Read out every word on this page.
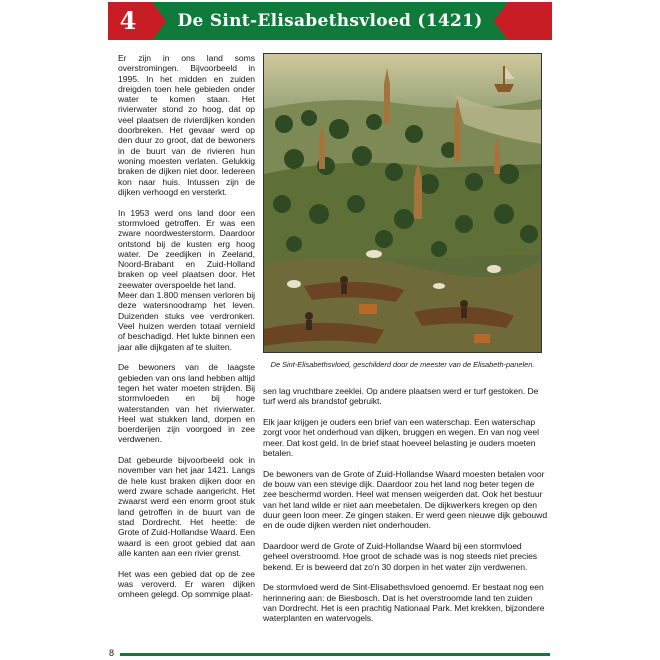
4	De Sint-Elisabethsvloed (1421)

Er zijn in ons land soms overstromingen. Bijvoorbeeld in 1995. In het midden en zuiden dreigden toen hele gebieden onder water te komen staan. Het rivierwater stond zo hoog, dat op veel plaatsen de rivierdijken konden doorbreken. Het gevaar werd op den duur zo groot, dat de bewoners in de buurt van de rivieren hun woning moesten verlaten. Gelukkig braken de dijken niet door. Iedereen kon naar huis. Intussen zijn de dijken verhoogd en versterkt.

In 1953 werd ons land door een stormvloed getroffen. Er was een zware noordwesterstorm. Daardoor ontstond bij de kusten erg hoog water. De zeedijken in Zeeland, Noord-Brabant en Zuid-Holland braken op veel plaatsen door. Het zeewater overspoelde het land.

Meer dan 1.800 mensen verloren bij deze watersnoodramp het leven. Duizenden stuks vee verdronken. Veel huizen werden totaal vernield of beschadigd. Het lukte binnen een jaar alle dijkgaten af te sluiten.

De bewoners van de laagste gebieden van ons land hebben altijd tegen het water moeten strijden. Bij stormvloeden en bij hoge waterstanden van het rivierwater. Heel wat stukken land, dorpen en boerderijen zijn voorgoed in zee verdwenen.

Dat gebeurde bijvoorbeeld ook in november van het jaar 1421. Langs de hele kust braken dijken door en werd zware schade aangericht. Het zwaarst werd een enorm groot stuk land getroffen in de buurt van de stad Dordrecht. Het heette: de Grote of Zuid-Hollandse Waard. Een waard is een groot gebied dat aan alle kanten aan een rivier grenst.

Het was een gebied dat op de zee was veroverd. Er waren dijken omheen gelegd. Op sommige plaat-

De Sint-Elisabethsvloed, geschilderd door de meester van de Elisabeth-panelen.

sen lag vruchtbare zeeklei. Op andere plaatsen werd er turf gestoken. De turf werd als brandstof gebruikt.

Elk jaar krijgen je ouders een brief van een waterschap. Een waterschap zorgt voor het onderhoud van dijken, bruggen en wegen. En van nog veel meer. Dat kost geld. In de brief staat hoeveel belasting je ouders moeten betalen.

De bewoners van de Grote of Zuid-Hollandse Waard moesten betalen voor de bouw van een stevige dijk. Daardoor zou het land nog beter tegen de zee beschermd worden. Heel wat mensen weigerden dat. Ook het bestuur van het land wilde er niet aan meebetalen. De dijkwerkers kregen op den duur geen loon meer. Ze gingen staken. Er werd geen nieuwe dijk gebouwd en de oude dijken werden niet onderhouden.

Daardoor werd de Grote of Zuid-Hollandse Waard bij een stormvloed geheel overstroomd. Hoe groot de schade was is nog steeds niet precies bekend. Er is beweerd dat zo'n 30 dorpen in het water zijn verdwenen.

De stormvloed werd de Sint-Elisabethsvloed genoemd. Er bestaat nog een herinnering aan: de Biesbosch. Dat is het overstroomde land ten zuiden van Dordrecht. Het is een prachtig Nationaal Park. Met krekken, bijzondere waterplanten en watervogels.

8
